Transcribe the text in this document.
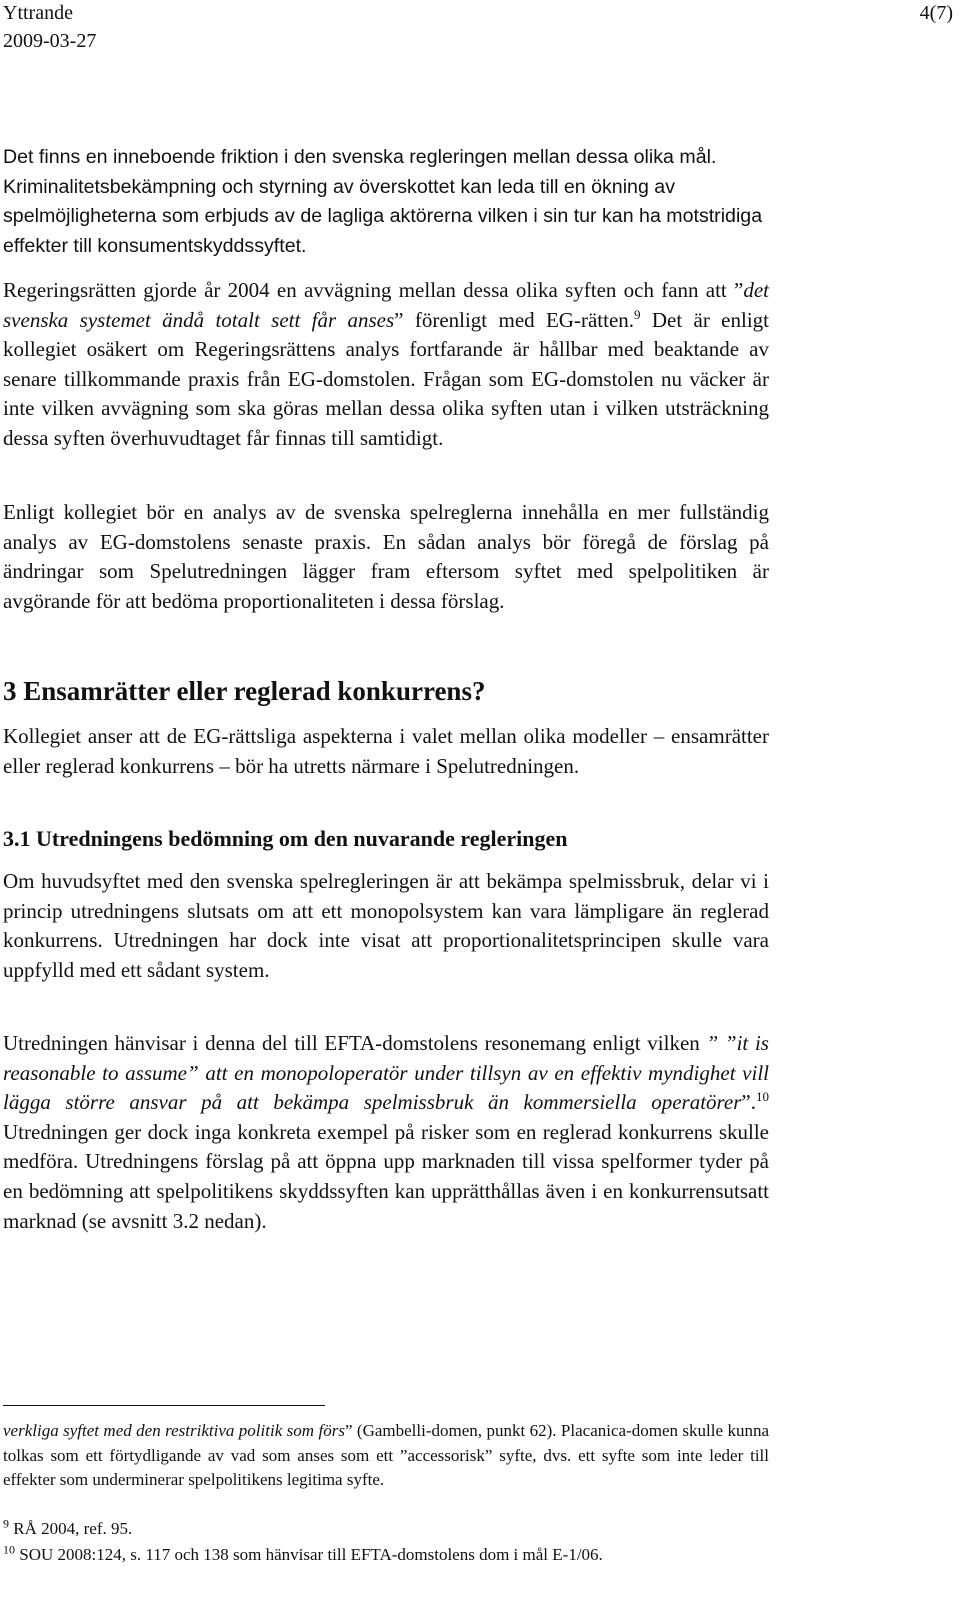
Yttrande	4(7)
2009-03-27

Det finns en inneboende friktion i den svenska regleringen mellan dessa olika mål. Kriminalitetsbekämpning och styrning av överskottet kan leda till en ökning av spelmöjligheterna som erbjuds av de lagliga aktörerna vilken i sin tur kan ha motstridiga effekter till konsumentskyddssyftet.

Regeringsrätten gjorde år 2004 en avvägning mellan dessa olika syften och fann att ”det svenska systemet ändå totalt sett får anses” förenligt med EG-rätten.$^9$ Det är enligt kollegiet osäkert om Regeringsrättens analys fortfarande är hållbar med beaktande av senare tillkommande praxis från EG-domstolen. Frågan som EG-domstolen nu väcker är inte vilken avvägning som ska göras mellan dessa olika syften utan i vilken utsträckning dessa syften överhuvudtaget får finnas till samtidigt.

Enligt kollegiet bör en analys av de svenska spelreglerna innehålla en mer fullständig analys av EG-domstolens senaste praxis. En sådan analys bör föregå de förslag på ändringar som Spelutredningen lägger fram eftersom syftet med spelpolitiken är avgörande för att bedöma proportionaliteten i dessa förslag.

3 Ensamrätter eller reglerad konkurrens?

Kollegiet anser att de EG-rättsliga aspekterna i valet mellan olika modeller – ensamrätter eller reglerad konkurrens – bör ha utretts närmare i Spelutredningen.

3.1 Utredningens bedömning om den nuvarande regleringen

Om huvudsyftet med den svenska spelregleringen är att bekämpa spelmissbruk, delar vi i princip utredningens slutsats om att ett monopolsystem kan vara lämpligare än reglerad konkurrens. Utredningen har dock inte visat att proportionalitetsprincipen skulle vara uppfylld med ett sådant system.

Utredningen hänvisar i denna del till EFTA-domstolens resonemang enligt vilken ” ”it is reasonable to assume” att en monopoloperatör under tillsyn av en effektiv myndighet vill lägga större ansvar på att bekämpa spelmissbruk än kommersiella operatörer”.$^{10}$ Utredningen ger dock inga konkreta exempel på risker som en reglerad konkurrens skulle medföra. Utredningens förslag på att öppna upp marknaden till vissa spelformer tyder på en bedömning att spelpolitikens skyddssyften kan upprätthållas även i en konkurrensutsatt marknad (se avsnitt 3.2 nedan).

verkliga syftet med den restriktiva politik som förs” (Gambelli-domen, punkt 62). Placanica-domen skulle kunna tolkas som ett förtydligande av vad som anses som ett ”accessorisk” syfte, dvs. ett syfte som inte leder till effekter som underminerar spelpolitikens legitima syfte.

$^9$ RÅ 2004, ref. 95.

$^{10}$ SOU 2008:124, s. 117 och 138 som hänvisar till EFTA-domstolens dom i mål E-1/06.
